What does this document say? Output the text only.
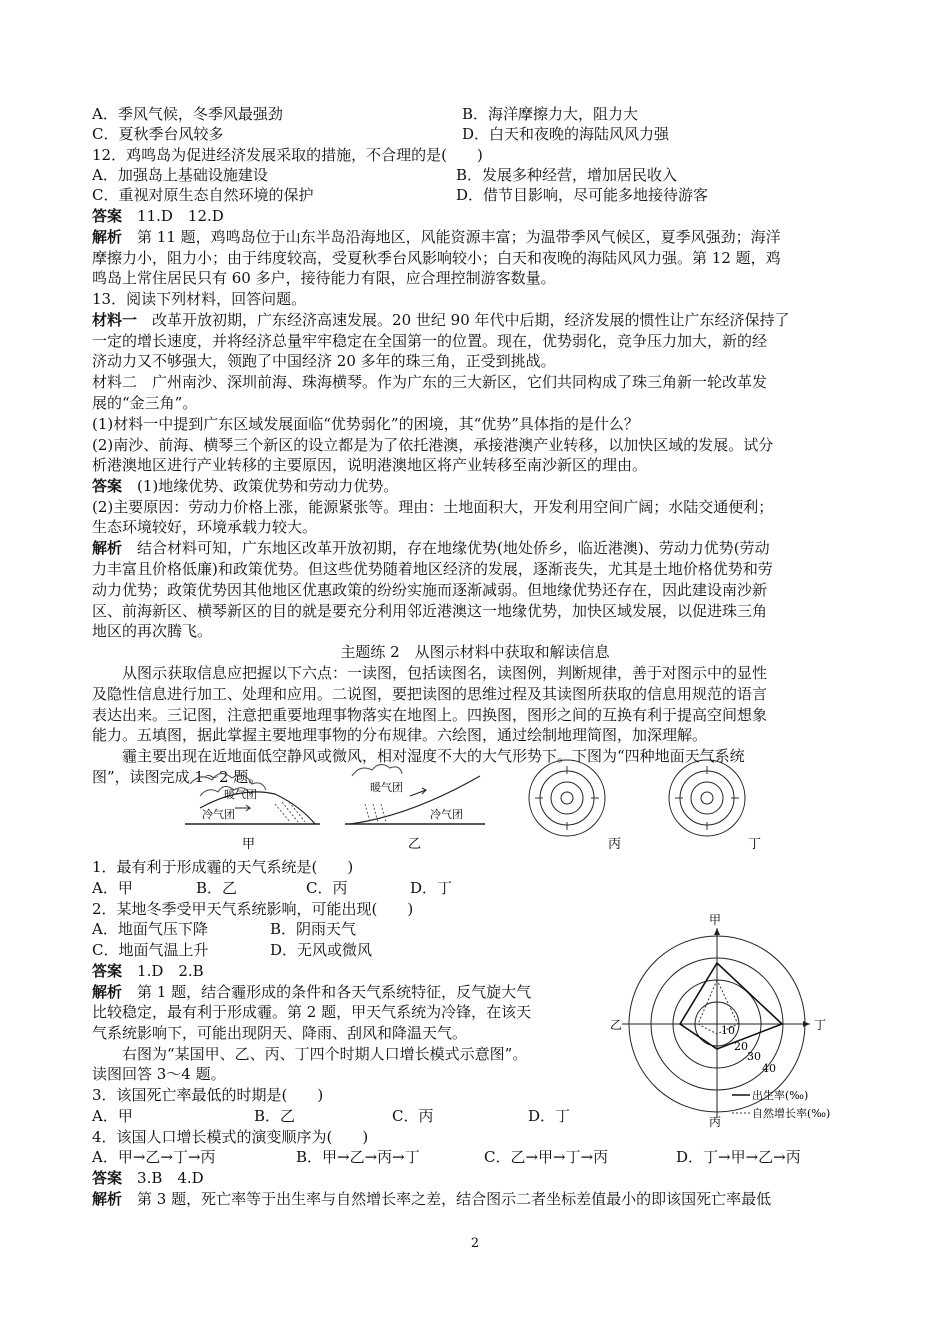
A．季风气候，冬季风最强劲	B．海洋摩擦力大，阻力大
C．夏秋季台风较多	D．白天和夜晚的海陆风风力强
12．鸡鸣岛为促进经济发展采取的措施，不合理的是(　　)
A．加强岛上基础设施建设	B．发展多种经营，增加居民收入
C．重视对原生态自然环境的保护	D．借节目影响，尽可能多地接待游客
答案　 11.D　12.D
解析　 第 11 题，鸡鸣岛位于山东半岛沿海地区，风能资源丰富；为温带季风气候区，夏季风强劲；海洋
摩擦力小，阻力小；由于纬度较高，受夏秋季台风影响较小；白天和夜晚的海陆风风力强。第 12 题，鸡
鸣岛上常住居民只有 60 多户，接待能力有限，应合理控制游客数量。
13．阅读下列材料，回答问题。
材料一　 改革开放初期，广东经济高速发展。20 世纪 90 年代中后期，经济发展的惯性让广东经济保持了
一定的增长速度，并将经济总量牢牢稳定在全国第一的位置。现在，优势弱化，竞争压力加大，新的经
济动力又不够强大，领跑了中国经济 20 多年的珠三角，正受到挑战。
材料二　广州南沙、深圳前海、珠海横琴。作为广东的三大新区，它们共同构成了珠三角新一轮改革发
展的“金三角”。
(1)材料一中提到广东区域发展面临“优势弱化”的困境，其“优势”具体指的是什么？
(2)南沙、前海、横琴三个新区的设立都是为了依托港澳，承接港澳产业转移，以加快区域的发展。试分
析港澳地区进行产业转移的主要原因，说明港澳地区将产业转移至南沙新区的理由。
答案　 (1)地缘优势、政策优势和劳动力优势。
(2)主要原因：劳动力价格上涨，能源紧张等。理由：土地面积大，开发利用空间广阔；水陆交通便利；
生态环境较好，环境承载力较大。
解析　 结合材料可知，广东地区改革开放初期，存在地缘优势(地处侨乡，临近港澳)、劳动力优势(劳动
力丰富且价格低廉)和政策优势。但这些优势随着地区经济的发展，逐渐丧失，尤其是土地价格优势和劳
动力优势；政策优势因其他地区优惠政策的纷纷实施而逐渐减弱。但地缘优势还存在，因此建设南沙新
区、前海新区、横琴新区的目的就是要充分利用邻近港澳这一地缘优势，加快区域发展，以促进珠三角
地区的再次腾飞。
主题练 2　从图示材料中获取和解读信息
从图示获取信息应把握以下六点：一读图，包括读图名，读图例，判断规律，善于对图示中的显性
及隐性信息进行加工、处理和应用。二说图，要把读图的思维过程及其读图所获取的信息用规范的语言
表达出来。三记图，注意把重要地理事物落实在地图上。四换图，图形之间的互换有利于提高空间想象
能力。五填图，据此掌握主要地理事物的分布规律。六绘图，通过绘制地理简图，加深理解。
霾主要出现在近地面低空静风或微风，相对湿度不大的大气形势下。下图为“四种地面天气系统
图”，读图完成 1～2 题。
暖气团
冷气团
甲
暖气团
冷气团
乙	丙	丁
1．最有利于形成霾的天气系统是(　　)
A．甲	B．乙	C．丙	D．丁
2．某地冬季受甲天气系统影响，可能出现(　　)
A．地面气压下降	B．阴雨天气
C．地面气温上升	D．无风或微风
答案　 1.D　2.B
解析　 第 1 题，结合霾形成的条件和各天气系统特征，反气旋大气
比较稳定，最有利于形成霾。第 2 题，甲天气系统为冷锋，在该天
气系统影响下，可能出现阴天、降雨、刮风和降温天气。
右图为“某国甲、乙、丙、丁四个时期人口增长模式示意图”。
读图回答 3～4 题。
3．该国死亡率最低的时期是(　　)
A．甲	B．乙	C．丙	D．丁
4．该国人口增长模式的演变顺序为(　　)
A．甲→乙→丁→丙	B．甲→乙→丙→丁	C．乙→甲→丁→丙	D．丁→甲→乙→丙
答案　 3.B　4.D
解析　 第 3 题，死亡率等于出生率与自然增长率之差，结合图示二者坐标差值最小的即该国死亡率最低
甲
乙	丁
丙
10
20
30
40
出生率(‰)
自然增长率(‰)
2
